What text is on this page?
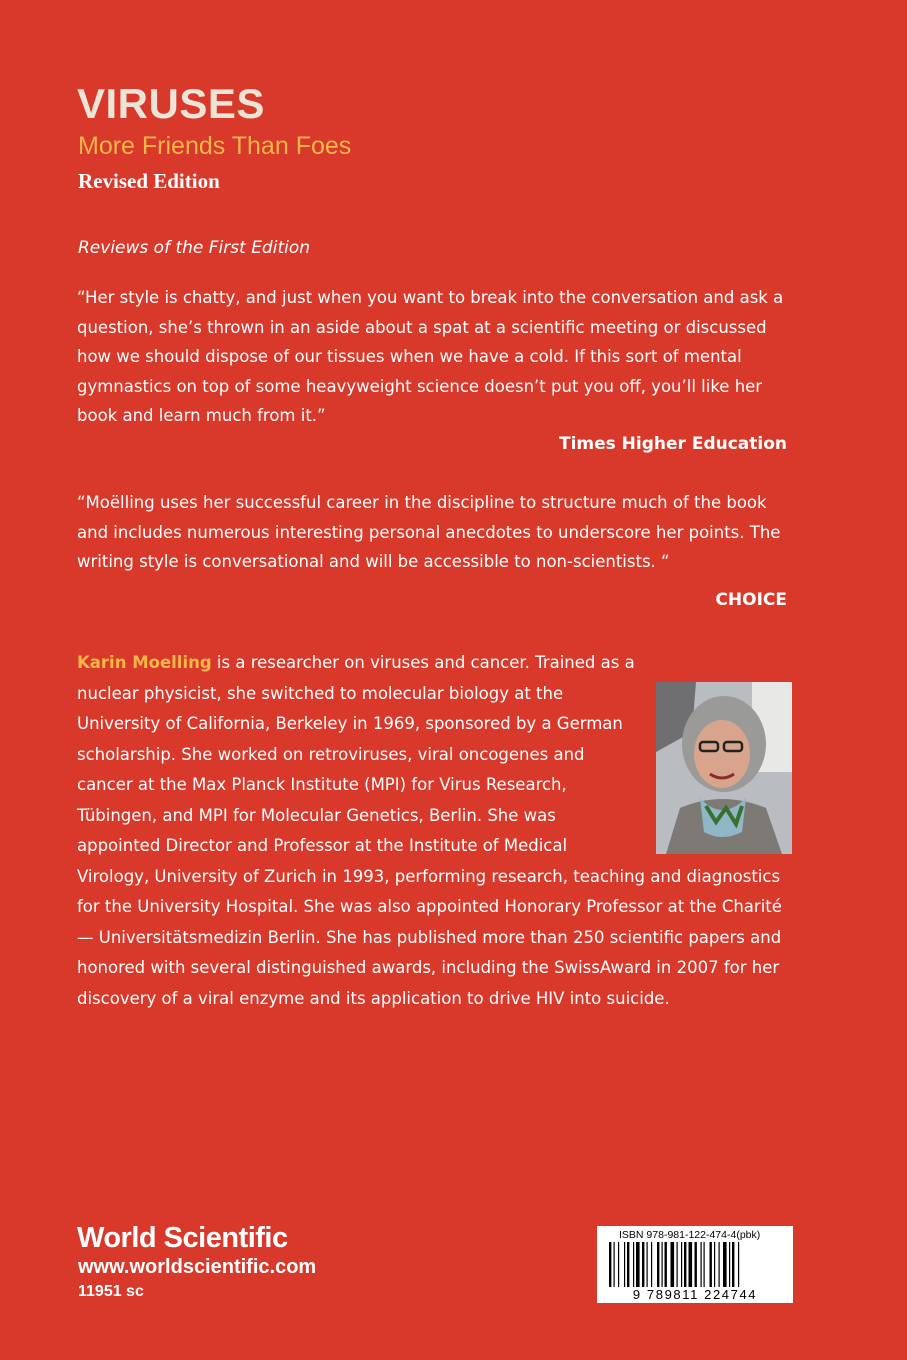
VIRUSES
More Friends Than Foes
Revised Edition
Reviews of the First Edition

“Her style is chatty, and just when you want to break into the conversation and ask a question, she’s thrown in an aside about a spat at a scientific meeting or discussed how we should dispose of our tissues when we have a cold. If this sort of mental gymnastics on top of some heavyweight science doesn’t put you off, you’ll like her book and learn much from it.”

Times Higher Education

“Moëlling uses her successful career in the discipline to structure much of the book and includes numerous interesting personal anecdotes to underscore her points. The writing style is conversational and will be accessible to non-scientists. “

CHOICE
Karin Moelling is a researcher on viruses and cancer. Trained as a nuclear physicist, she switched to molecular biology at the University of California, Berkeley in 1969, sponsored by a German scholarship. She worked on retroviruses, viral oncogenes and cancer at the Max Planck Institute (MPI) for Virus Research, Tübingen, and MPI for Molecular Genetics, Berlin. She was appointed Director and Professor at the Institute of Medical Virology, University of Zurich in 1993, performing research, teaching and diagnostics for the University Hospital. She was also appointed Honorary Professor at the Charité — Universitätsmedizin Berlin. She has published more than 250 scientific papers and honored with several distinguished awards, including the SwissAward in 2007 for her discovery of a viral enzyme and its application to drive HIV into suicide.
World Scientific
www.worldscientific.com
11951 sc
ISBN 978-981-122-474-4(pbk)
9 789811 224744
